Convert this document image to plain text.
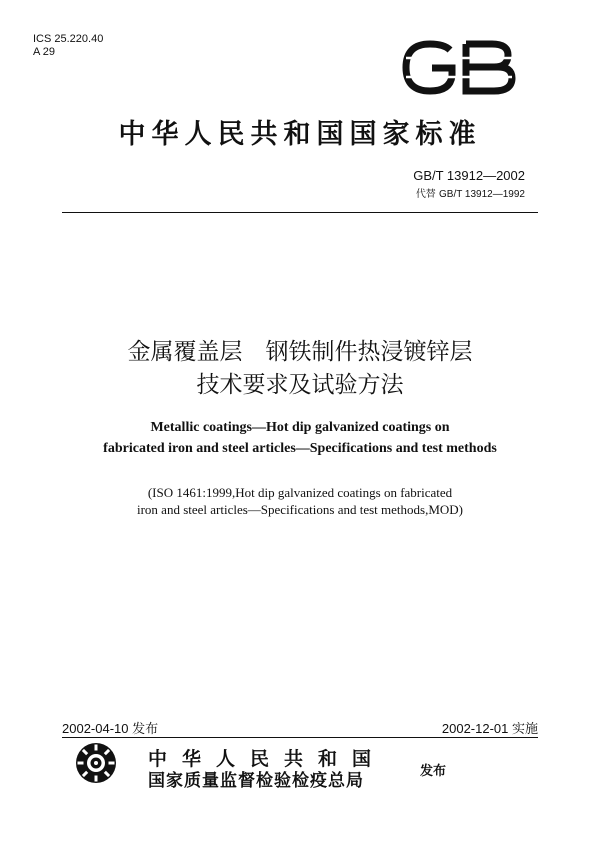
ICS 25.220.40
A 29
GB
中华人民共和国国家标准
GB/T 13912—2002
代替 GB/T 13912—1992
金属覆盖层　钢铁制件热浸镀锌层
技术要求及试验方法
Metallic coatings—Hot dip galvanized coatings on
fabricated iron and steel articles—Specifications and test methods
(ISO 1461:1999,Hot dip galvanized coatings on fabricated
iron and steel articles—Specifications and test methods,MOD)
2002-04-10 发布	2002-12-01 实施
中华人民共和国
国家质量监督检验检疫总局	发布
